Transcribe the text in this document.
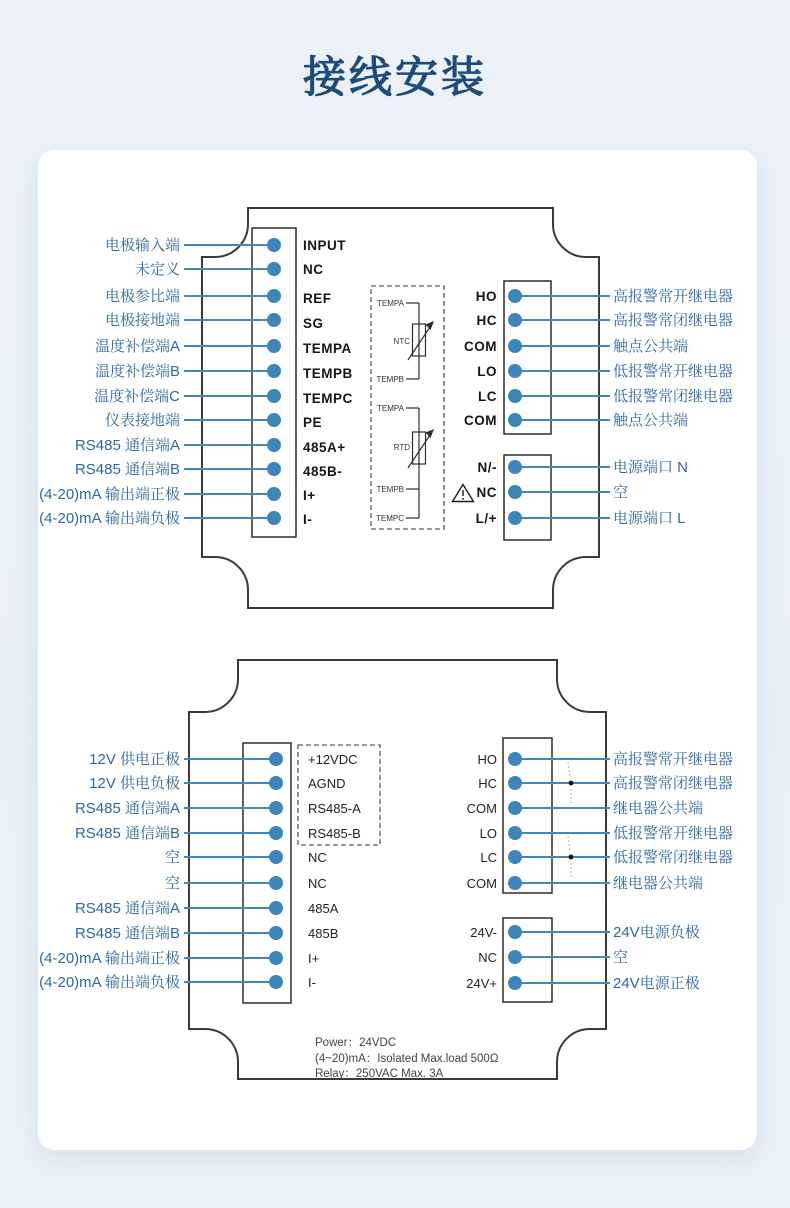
接线安装
电极输入端	INPUT
未定义	NC
电极参比端	REF
电极接地端	SG
温度补偿端A	TEMPA
温度补偿端B	TEMPB
温度补偿端C	TEMPC
仪表接地端	PE
RS485 通信端A	485A+
RS485 通信端B	485B-
(4-20)mA 输出端正极	I+
(4-20)mA 输出端负极	I-
TEMPA
NTC
TEMPB
TEMPA
RTD
TEMPB
TEMPC
HO	高报警常开继电器
HC	高报警常闭继电器
COM	触点公共端
LO	低报警常开继电器
LC	低报警常闭继电器
COM	触点公共端
N/-	电源端口 N
NC	空
L/+	电源端口 L
12V 供电正极	+12VDC
12V 供电负极	AGND
RS485 通信端A	RS485-A
RS485 通信端B	RS485-B
空	NC
空	NC
RS485 通信端A	485A
RS485 通信端B	485B
(4-20)mA 输出端正极	I+
(4-20)mA 输出端负极	I-
HO	高报警常开继电器
HC	高报警常闭继电器
COM	继电器公共端
LO	低报警常开继电器
LC	低报警常闭继电器
COM	继电器公共端
24V-	24V电源负极
NC	空
24V+	24V电源正极
Power：24VDC
(4~20)mA：Isolated Max.load 500Ω
Relay：250VAC Max. 3A
